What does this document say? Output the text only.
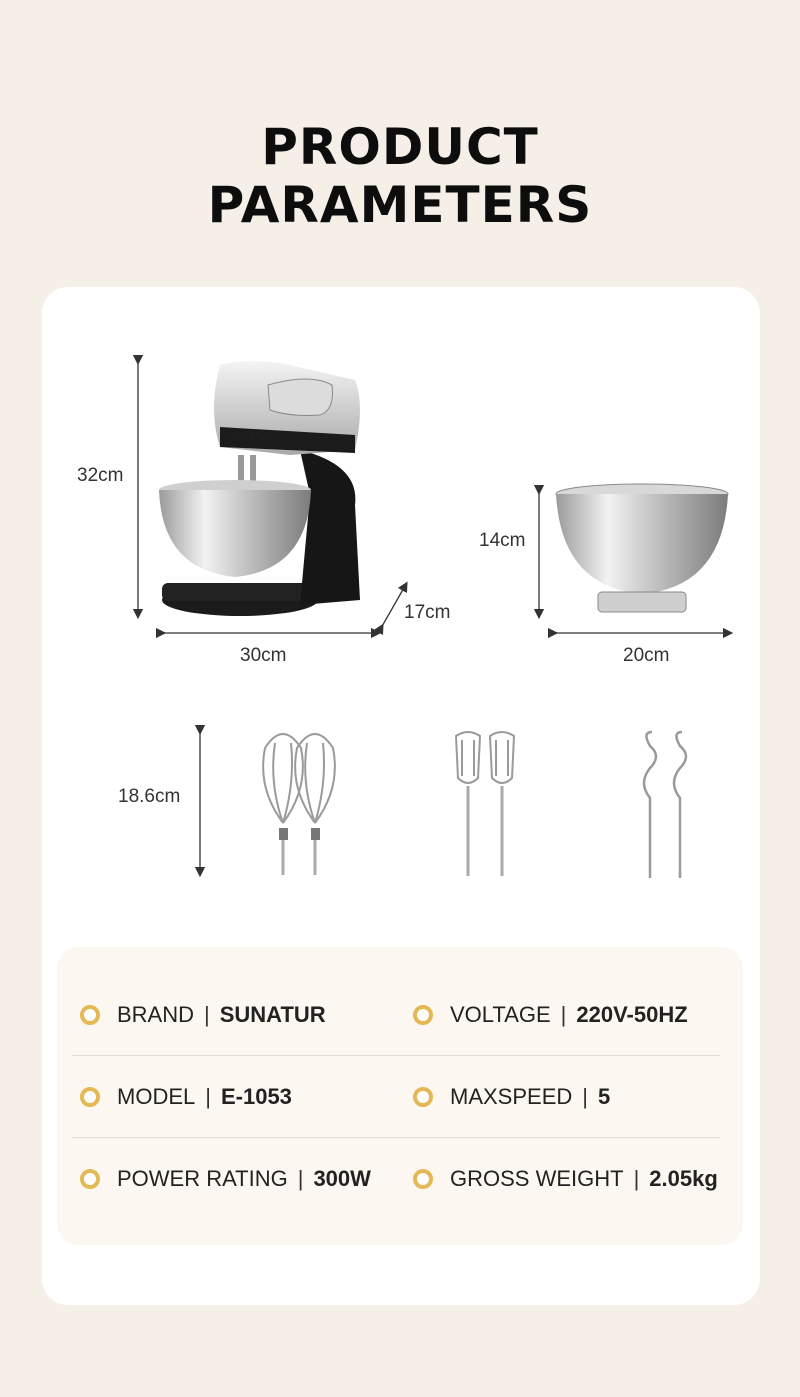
PRODUCT
PARAMETERS
32cm
30cm
17cm
14cm
20cm
18.6cm
SUNATUR
BRAND | SUNATUR	VOLTAGE | 220V-50HZ
MODEL | E-1053	MAXSPEED | 5
POWER RATING | 300W	GROSS WEIGHT | 2.05kg
